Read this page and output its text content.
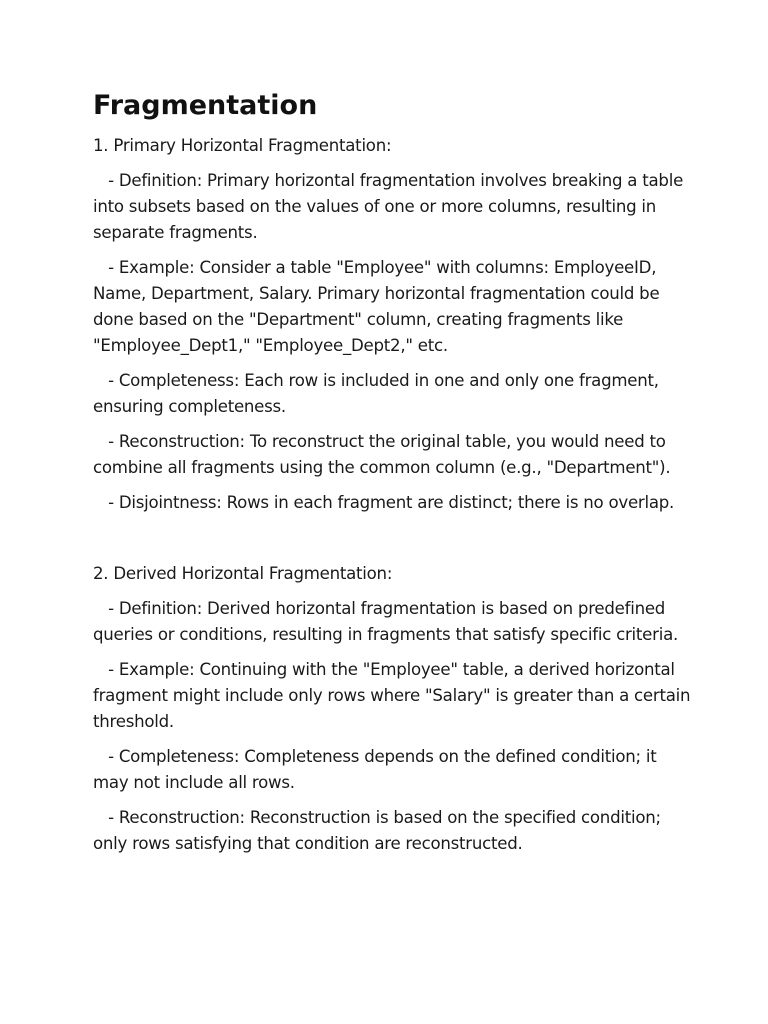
Fragmentation
1. Primary Horizontal Fragmentation:
- Definition: Primary horizontal fragmentation involves breaking a table into subsets based on the values of one or more columns, resulting in separate fragments.
- Example: Consider a table "Employee" with columns: EmployeeID, Name, Department, Salary. Primary horizontal fragmentation could be done based on the "Department" column, creating fragments like "Employee_Dept1," "Employee_Dept2," etc.
- Completeness: Each row is included in one and only one fragment, ensuring completeness.
- Reconstruction: To reconstruct the original table, you would need to combine all fragments using the common column (e.g., "Department").
- Disjointness: Rows in each fragment are distinct; there is no overlap.
2. Derived Horizontal Fragmentation:
- Definition: Derived horizontal fragmentation is based on predefined queries or conditions, resulting in fragments that satisfy specific criteria.
- Example: Continuing with the "Employee" table, a derived horizontal fragment might include only rows where "Salary" is greater than a certain threshold.
- Completeness: Completeness depends on the defined condition; it may not include all rows.
- Reconstruction: Reconstruction is based on the specified condition; only rows satisfying that condition are reconstructed.
